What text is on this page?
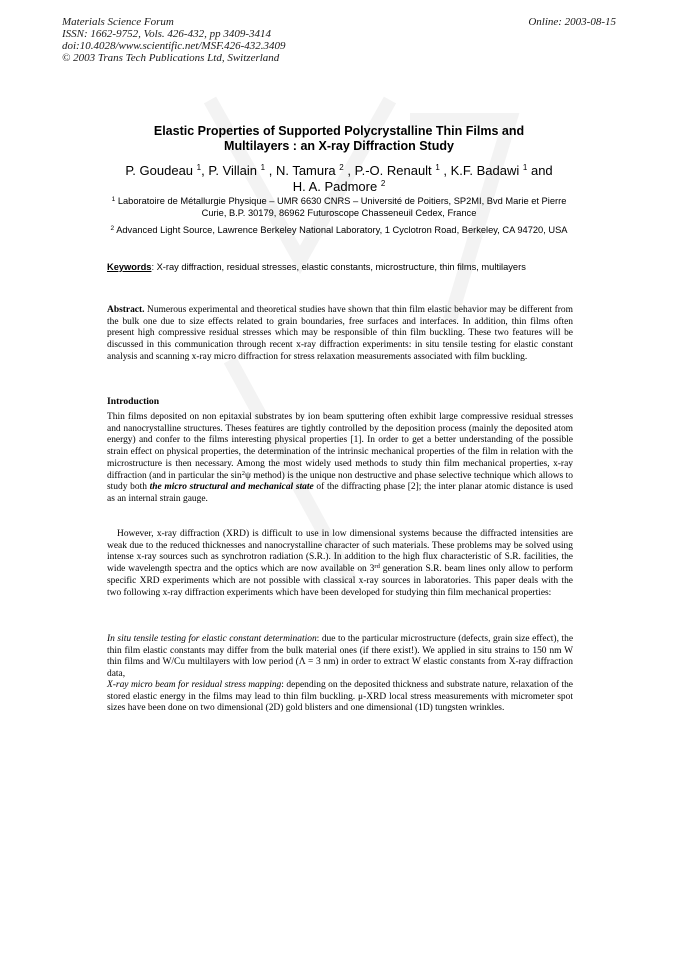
Materials Science Forum
ISSN: 1662-9752, Vols. 426-432, pp 3409-3414
doi:10.4028/www.scientific.net/MSF.426-432.3409
© 2003 Trans Tech Publications Ltd, Switzerland
Online: 2003-08-15
Elastic Properties of Supported Polycrystalline Thin Films and
Multilayers : an X-ray Diffraction Study
P. Goudeau $^1$, P. Villain $^1$ , N. Tamura $^2$ , P.-O. Renault $^1$ , K.F. Badawi $^1$ and
H. A. Padmore $^2$
$^1$ Laboratoire de Métallurgie Physique – UMR 6630 CNRS – Université de Poitiers, SP2MI, Bvd Marie et Pierre Curie, B.P. 30179, 86962 Futuroscope Chasseneuil Cedex, France
$^2$ Advanced Light Source, Lawrence Berkeley National Laboratory, 1 Cyclotron Road, Berkeley, CA 94720, USA
Keywords: X-ray diffraction, residual stresses, elastic constants, microstructure, thin films, multilayers
Abstract. Numerous experimental and theoretical studies have shown that thin film elastic behavior may be different from the bulk one due to size effects related to grain boundaries, free surfaces and interfaces. In addition, thin films often present high compressive residual stresses which may be responsible of thin film buckling. These two features will be discussed in this communication through recent x-ray diffraction experiments: in situ tensile testing for elastic constant analysis and scanning x-ray micro diffraction for stress relaxation measurements associated with film buckling.
Introduction
Thin films deposited on non epitaxial substrates by ion beam sputtering often exhibit large compressive residual stresses and nanocrystalline structures. Theses features are tightly controlled by the deposition process (mainly the deposited atom energy) and confer to the films interesting physical properties [1]. In order to get a better understanding of the possible strain effect on physical properties, the determination of the intrinsic mechanical properties of the film in relation with the microstructure is then necessary. Among the most widely used methods to study thin film mechanical properties, x-ray diffraction (and in particular the $\sin^2\psi$ method) is the unique non destructive and phase selective technique which allows to study both the micro structural and mechanical state of the diffracting phase [2]; the inter planar atomic distance is used as an internal strain gauge.
However, x-ray diffraction (XRD) is difficult to use in low dimensional systems because the diffracted intensities are weak due to the reduced thicknesses and nanocrystalline character of such materials. These problems may be solved using intense x-ray sources such as synchrotron radiation (S.R.). In addition to the high flux characteristic of S.R. facilities, the wide wavelength spectra and the optics which are now available on 3rd generation S.R. beam lines only allow to perform specific XRD experiments which are not possible with classical x-ray sources in laboratories. This paper deals with the two following x-ray diffraction experiments which have been developed for studying thin film mechanical properties:
In situ tensile testing for elastic constant determination: due to the particular microstructure (defects, grain size effect), the thin film elastic constants may differ from the bulk material ones (if there exist!). We applied in situ strains to 150 nm W thin films and W/Cu multilayers with low period (Λ = 3 nm) in order to extract W elastic constants from X-ray diffraction data,
X-ray micro beam for residual stress mapping: depending on the deposited thickness and substrate nature, relaxation of the stored elastic energy in the films may lead to thin film buckling. μ-XRD local stress measurements with micrometer spot sizes have been done on two dimensional (2D) gold blisters and one dimensional (1D) tungsten wrinkles.
